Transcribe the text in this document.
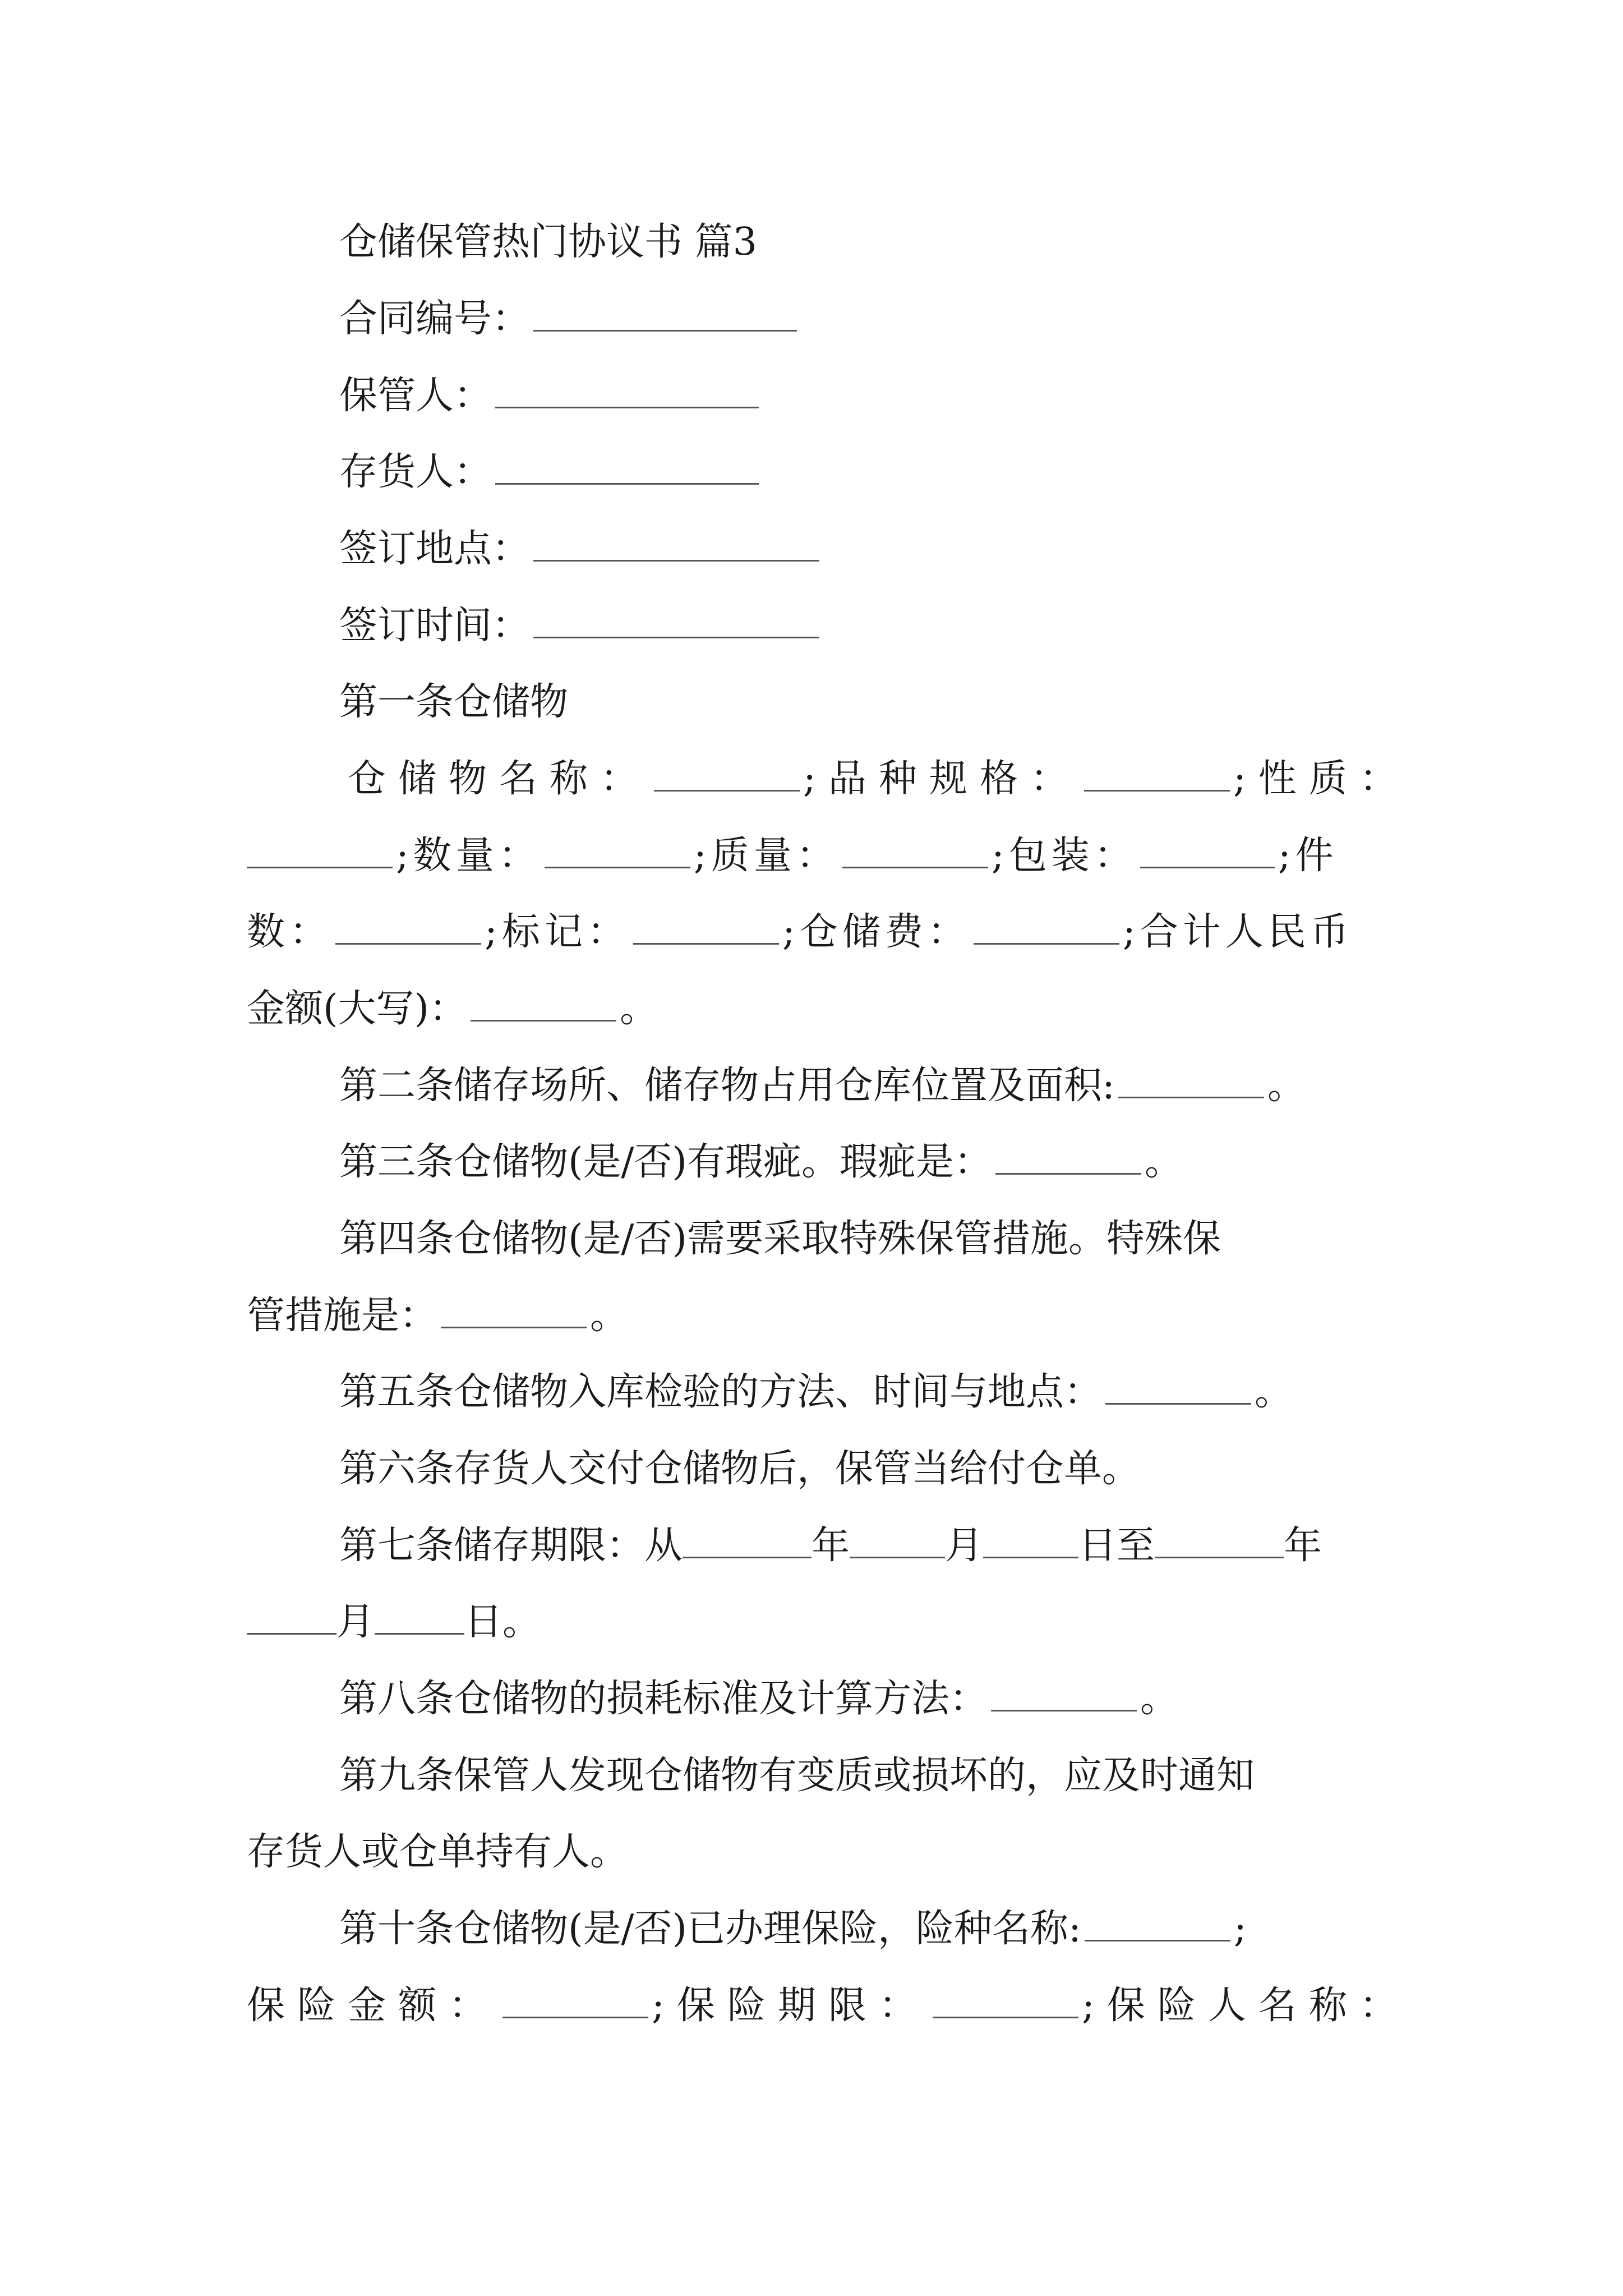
仓储保管热门协议书 篇3
合同编号：
保管人：
存货人：
签订地点：
签订时间：
第一条仓储物
仓储物名称：	;品种规格：	;性质：
;数量：	;质量：	;包装：	;件
数：	;标记：	;仓储费：	;合计人民币
金额(大写)：	。
第二条储存场所、储存物占用仓库位置及面积:	。
第三条仓储物(是/否)有瑕疵。瑕疵是：	。
第四条仓储物(是/否)需要采取特殊保管措施。特殊保
管措施是：	。
第五条仓储物入库检验的方法、时间与地点：	。
第六条存货人交付仓储物后，保管当给付仓单。
第七条储存期限：从	年	月	日至	年
月 日。
第八条仓储物的损耗标准及计算方法：	。
第九条保管人发现仓储物有变质或损坏的，应及时通知
存货人或仓单持有人。
第十条仓储物(是/否)已办理保险，险种名称:	;
保险金额：	;保险期限：	;保险人名称：
